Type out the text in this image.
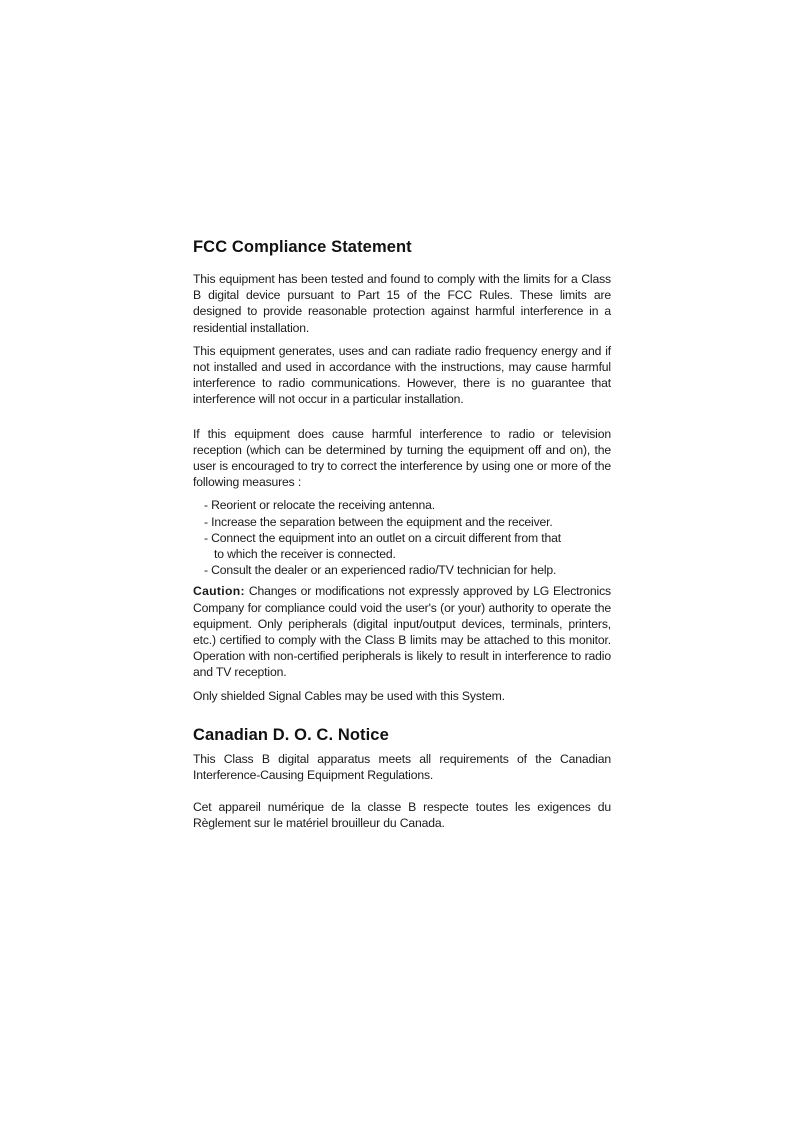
FCC Compliance Statement

This equipment has been tested and found to comply with the limits for a Class B digital device pursuant to Part 15 of the FCC Rules. These limits are designed to provide reasonable protection against harmful interference in a residential installation.

This equipment generates, uses and can radiate radio frequency energy and if not installed and used in accordance with the instructions, may cause harmful interference to radio communications. However, there is no guarantee that interference will not occur in a particular installation.

If this equipment does cause harmful interference to radio or television reception (which can be determined by turning the equipment off and on), the user is encouraged to try to correct the interference by using one or more of the following measures :

- Reorient or relocate the receiving antenna.
- Increase the separation between the equipment and the receiver.
- Connect the equipment into an outlet on a circuit different from that
to which the receiver is connected.
- Consult the dealer or an experienced radio/TV technician for help.

Caution: Changes or modifications not expressly approved by LG Electronics Company for compliance could void the user's (or your) authority to operate the equipment. Only peripherals (digital input/output devices, terminals, printers, etc.) certified to comply with the Class B limits may be attached to this monitor. Operation with non-certified peripherals is likely to result in interference to radio and TV reception.

Only shielded Signal Cables may be used with this System.

Canadian D. O. C. Notice

This Class B digital apparatus meets all requirements of the Canadian Interference-Causing Equipment Regulations.

Cet appareil numérique de la classe B respecte toutes les exigences du Règlement sur le matériel brouilleur du Canada.
